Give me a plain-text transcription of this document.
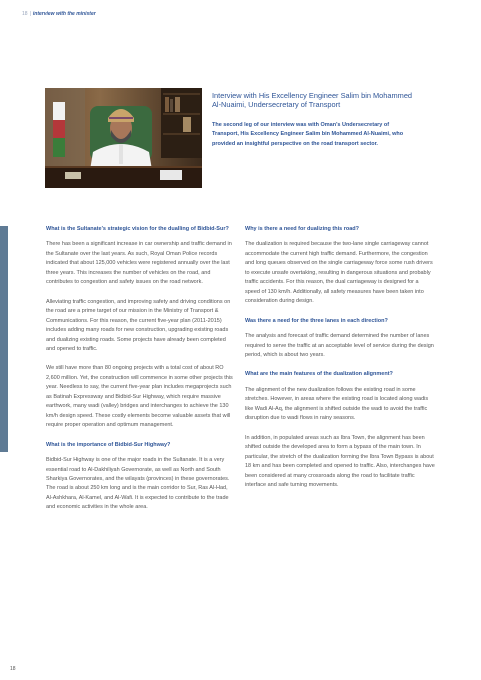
18 | interview with the minister
Interview with His Excellency Engineer Salim bin Mohammed Al-Nuaimi, Undersecretary of Transport
The second leg of our interview was with Oman's Undersecretary of Transport, His Excellency Engineer Salim bin Mohammed Al-Nuaimi, who provided an insightful perspective on the road transport sector.
What is the Sultanate's strategic vision for the dualling of Bidbid-Sur?
There has been a significant increase in car ownership and traffic demand in the Sultanate over the last years. As such, Royal Oman Police records indicated that about 125,000 vehicles were registered annually over the last three years. This increases the number of vehicles on the road, and contributes to congestion and safety issues on the road network.
Alleviating traffic congestion, and improving safety and driving conditions on the road are a prime target of our mission in the Ministry of Transport & Communications. For this reason, the current five-year plan (2011-2015) includes adding many roads for new construction, upgrading existing roads and dualizing existing roads. Some projects have already been completed and opened to traffic.
We still have more than 80 ongoing projects with a total cost of about RO 2,600 million. Yet, the construction will commence in some other projects this year. Needless to say, the current five-year plan includes megaprojects such as Batinah Expressway and Bidbid-Sur Highway, which require massive earthwork, many wadi (valley) bridges and interchanges to achieve the 130 km/h design speed. These costly elements become valuable assets that will require proper operation and optimum management.
What is the importance of Bidbid-Sur Highway?
Bidbid-Sur Highway is one of the major roads in the Sultanate. It is a very essential road to Al-Dakhiliyah Governorate, as well as North and South Sharkiya Governorates, and the wilayats (provinces) in these governorates. The road is about 250 km long and is the main corridor to Sur, Ras Al-Had, Al-Ashkhara, Al-Kamel, and Al-Wafi. It is expected to contribute to the trade and economic activities in the whole area.
Why is there a need for dualizing this road?
The dualization is required because the two-lane single carriageway cannot accommodate the current high traffic demand. Furthermore, the congestion and long queues observed on the single carriageway force some rush drivers to execute unsafe overtaking, resulting in dangerous situations and probably traffic accidents. For this reason, the dual carriageway is designed for a speed of 130 km/h. Additionally, all safety measures have been taken into consideration during design.
Was there a need for the three lanes in each direction?
The analysis and forecast of traffic demand determined the number of lanes required to serve the traffic at an acceptable level of service during the design period, which is about two years.
What are the main features of the dualization alignment?
The alignment of the new dualization follows the existing road in some stretches. However, in areas where the existing road is located along wadis like Wadi Al-Aq, the alignment is shifted outside the wadi to avoid the traffic disruption due to wadi flows in rainy seasons.
In addition, in populated areas such as Ibra Town, the alignment has been shifted outside the developed area to form a bypass of the main town. In particular, the stretch of the dualization forming the Ibra Town Bypass is about 18 km and has been completed and opened to traffic. Also, interchanges have been considered at many crossroads along the road to facilitate traffic interface and safe turning movements.
18
